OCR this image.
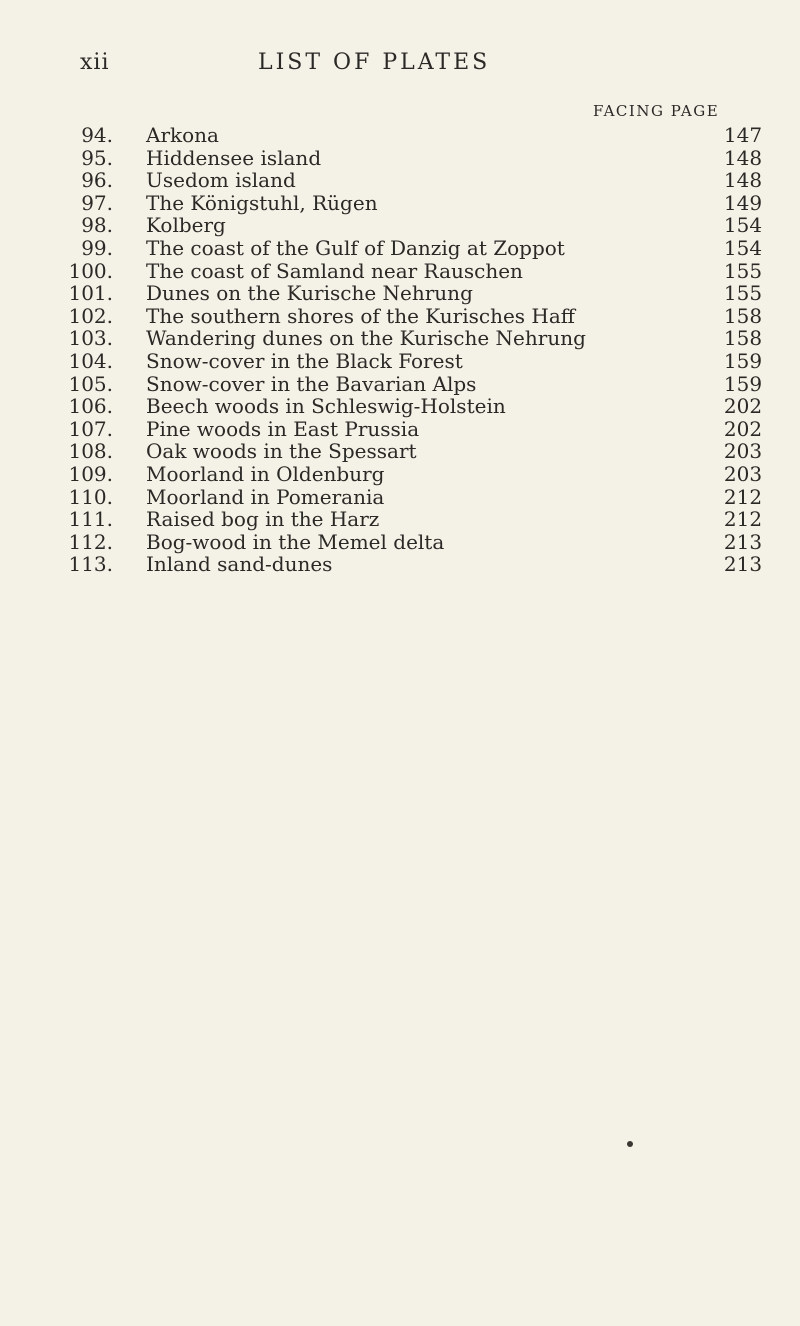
xii	LIST OF PLATES
FACING PAGE
94. Arkona	147
95. Hiddensee island	148
96. Usedom island	148
97. The Königstuhl, Rügen	149
98. Kolberg	154
99. The coast of the Gulf of Danzig at Zoppot	154
100. The coast of Samland near Rauschen	155
101. Dunes on the Kurische Nehrung	155
102. The southern shores of the Kurisches Haff	158
103. Wandering dunes on the Kurische Nehrung	158
104. Snow-cover in the Black Forest	159
105. Snow-cover in the Bavarian Alps	159
106. Beech woods in Schleswig-Holstein	202
107. Pine woods in East Prussia	202
108. Oak woods in the Spessart	203
109. Moorland in Oldenburg	203
110. Moorland in Pomerania	212
111. Raised bog in the Harz	212
112. Bog-wood in the Memel delta	213
113. Inland sand-dunes	213
